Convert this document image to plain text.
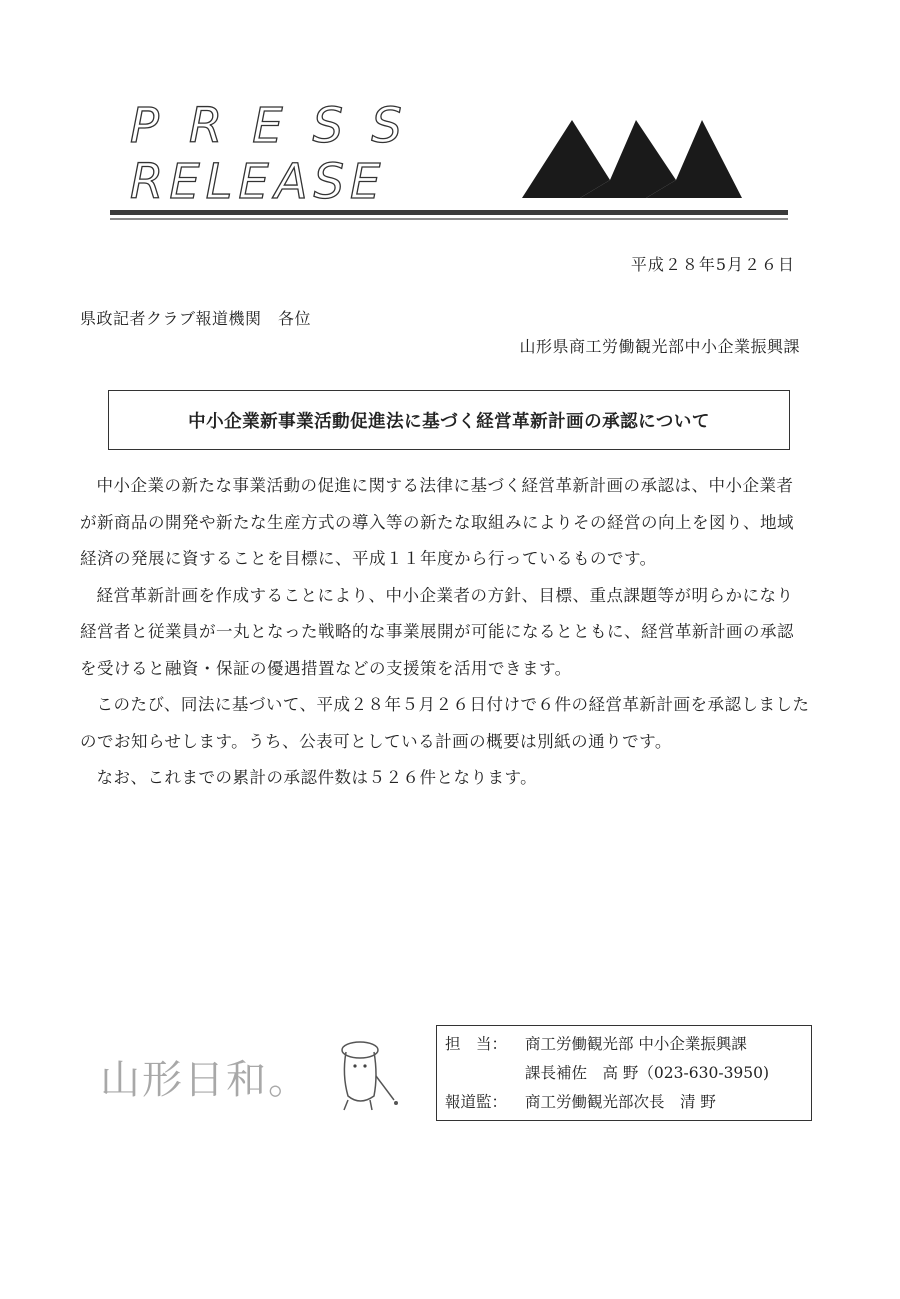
PRESS
RELEASE
平成２８年5月２６日
県政記者クラブ報道機関　各位
山形県商工労働観光部中小企業振興課
中小企業新事業活動促進法に基づく経営革新計画の承認について

中小企業の新たな事業活動の促進に関する法律に基づく経営革新計画の承認は、中小企業者が新商品の開発や新たな生産方式の導入等の新たな取組みによりその経営の向上を図り、地域経済の発展に資することを目標に、平成１１年度から行っているものです。

経営革新計画を作成することにより、中小企業者の方針、目標、重点課題等が明らかになり経営者と従業員が一丸となった戦略的な事業展開が可能になるとともに、経営革新計画の承認を受けると融資・保証の優遇措置などの支援策を活用できます。

このたび、同法に基づいて、平成２８年５月２６日付けで６件の経営革新計画を承認しましたのでお知らせします。うち、公表可としている計画の概要は別紙の通りです。

なお、これまでの累計の承認件数は５２６件となります。

山形日和。
担　当：	商工労働観光部 中小企業振興課
課長補佐　高 野（023-630-3950)
報道監：	商工労働観光部次長　清 野
